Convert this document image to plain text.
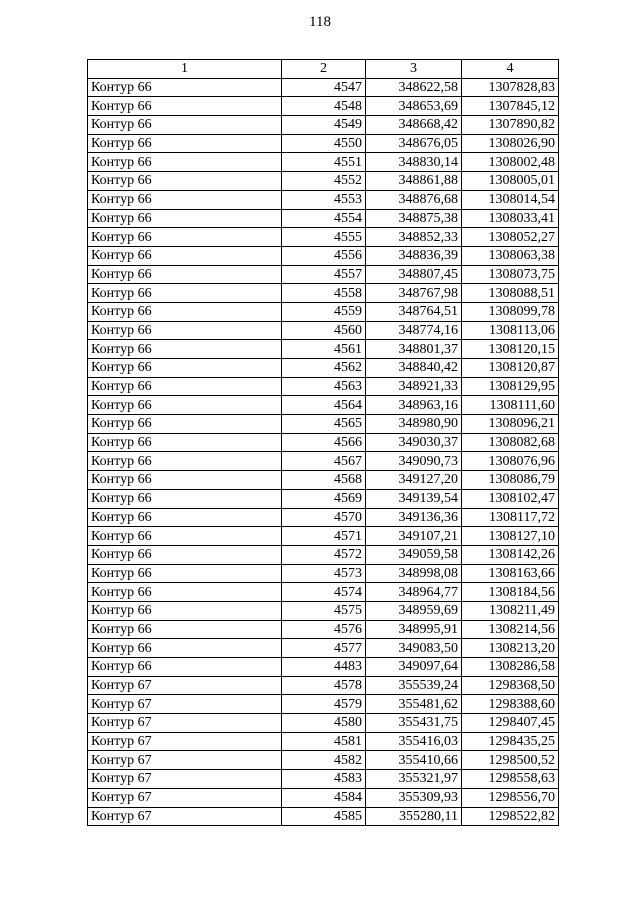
118
1	2	3	4
Контур 66	4547	348622,58	1307828,83
Контур 66	4548	348653,69	1307845,12
Контур 66	4549	348668,42	1307890,82
Контур 66	4550	348676,05	1308026,90
Контур 66	4551	348830,14	1308002,48
Контур 66	4552	348861,88	1308005,01
Контур 66	4553	348876,68	1308014,54
Контур 66	4554	348875,38	1308033,41
Контур 66	4555	348852,33	1308052,27
Контур 66	4556	348836,39	1308063,38
Контур 66	4557	348807,45	1308073,75
Контур 66	4558	348767,98	1308088,51
Контур 66	4559	348764,51	1308099,78
Контур 66	4560	348774,16	1308113,06
Контур 66	4561	348801,37	1308120,15
Контур 66	4562	348840,42	1308120,87
Контур 66	4563	348921,33	1308129,95
Контур 66	4564	348963,16	1308111,60
Контур 66	4565	348980,90	1308096,21
Контур 66	4566	349030,37	1308082,68
Контур 66	4567	349090,73	1308076,96
Контур 66	4568	349127,20	1308086,79
Контур 66	4569	349139,54	1308102,47
Контур 66	4570	349136,36	1308117,72
Контур 66	4571	349107,21	1308127,10
Контур 66	4572	349059,58	1308142,26
Контур 66	4573	348998,08	1308163,66
Контур 66	4574	348964,77	1308184,56
Контур 66	4575	348959,69	1308211,49
Контур 66	4576	348995,91	1308214,56
Контур 66	4577	349083,50	1308213,20
Контур 66	4483	349097,64	1308286,58
Контур 67	4578	355539,24	1298368,50
Контур 67	4579	355481,62	1298388,60
Контур 67	4580	355431,75	1298407,45
Контур 67	4581	355416,03	1298435,25
Контур 67	4582	355410,66	1298500,52
Контур 67	4583	355321,97	1298558,63
Контур 67	4584	355309,93	1298556,70
Контур 67	4585	355280,11	1298522,82
